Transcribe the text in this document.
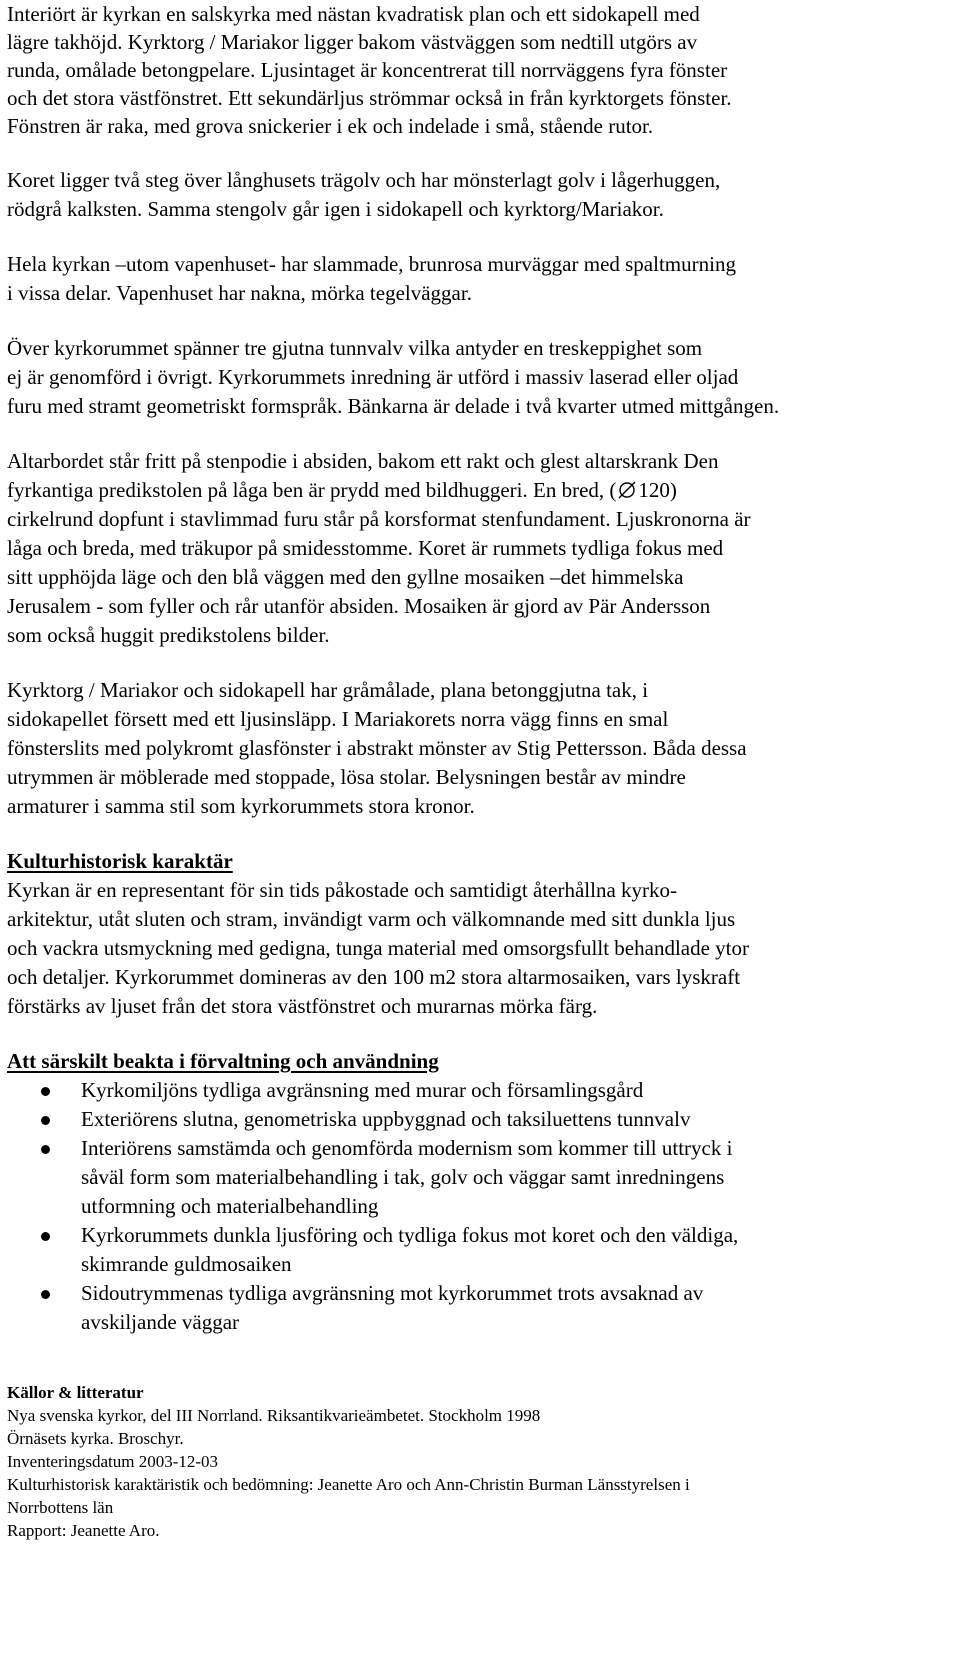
Interiört är kyrkan en salskyrka med nästan kvadratisk plan och ett sidokapell med

lägre takhöjd. Kyrktorg / Mariakor ligger bakom västväggen som nedtill utgörs av

runda, omålade betongpelare. Ljusintaget är koncentrerat till norrväggens fyra fönster

och det stora västfönstret. Ett sekundärljus strömmar också in från kyrktorgets fönster.

Fönstren är raka, med grova snickerier i ek och indelade i små, stående rutor.

Koret ligger två steg över långhusets trägolv och har mönsterlagt golv i lågerhuggen,

rödgrå kalksten. Samma stengolv går igen i sidokapell och kyrktorg/Mariakor.

Hela kyrkan –utom vapenhuset- har slammade, brunrosa murväggar med spaltmurning

i vissa delar. Vapenhuset har nakna, mörka tegelväggar.

Över kyrkorummet spänner tre gjutna tunnvalv vilka antyder en treskeppighet som

ej är genomförd i övrigt. Kyrkorummets inredning är utförd i massiv laserad eller oljad

furu med stramt geometriskt formspråk. Bänkarna är delade i två kvarter utmed mittgången.

Altarbordet står fritt på stenpodie i absiden, bakom ett rakt och glest altarskrank Den

fyrkantiga predikstolen på låga ben är prydd med bildhuggeri. En bred, ( 120)

cirkelrund dopfunt i stavlimmad furu står på korsformat stenfundament. Ljuskronorna är

låga och breda, med träkupor på smidesstomme. Koret är rummets tydliga fokus med

sitt upphöjda läge och den blå väggen med den gyllne mosaiken –det himmelska

Jerusalem - som fyller och rår utanför absiden. Mosaiken är gjord av Pär Andersson

som också huggit predikstolens bilder.

Kyrktorg / Mariakor och sidokapell har gråmålade, plana betonggjutna tak, i

sidokapellet försett med ett ljusinsläpp. I Mariakorets norra vägg finns en smal

fönsterslits med polykromt glasfönster i abstrakt mönster av Stig Pettersson. Båda dessa

utrymmen är möblerade med stoppade, lösa stolar. Belysningen består av mindre

armaturer i samma stil som kyrkorummets stora kronor.

Kulturhistorisk karaktär

Kyrkan är en representant för sin tids påkostade och samtidigt återhållna kyrko-

arkitektur, utåt sluten och stram, invändigt varm och välkomnande med sitt dunkla ljus

och vackra utsmyckning med gedigna, tunga material med omsorgsfullt behandlade ytor

och detaljer. Kyrkorummet domineras av den 100 m2 stora altarmosaiken, vars lyskraft

förstärks av ljuset från det stora västfönstret och murarnas mörka färg.

Att särskilt beakta i förvaltning och användning

Kyrkomiljöns tydliga avgränsning med murar och församlingsgård
Exteriörens slutna, genometriska uppbyggnad och taksiluettens tunnvalv
Interiörens samstämda och genomförda modernism som kommer till uttryck i
såväl form som materialbehandling i tak, golv och väggar samt inredningens
utformning och materialbehandling
Kyrkorummets dunkla ljusföring och tydliga fokus mot koret och den väldiga,
skimrande guldmosaiken
Sidoutrymmenas tydliga avgränsning mot kyrkorummet trots avsaknad av
avskiljande väggar

Källor & litteratur

Nya svenska kyrkor, del III Norrland. Riksantikvarieämbetet. Stockholm 1998

Örnäsets kyrka. Broschyr.

Inventeringsdatum 2003-12-03

Kulturhistorisk karaktäristik och bedömning: Jeanette Aro och Ann-Christin Burman Länsstyrelsen i

Norrbottens län

Rapport: Jeanette Aro.
